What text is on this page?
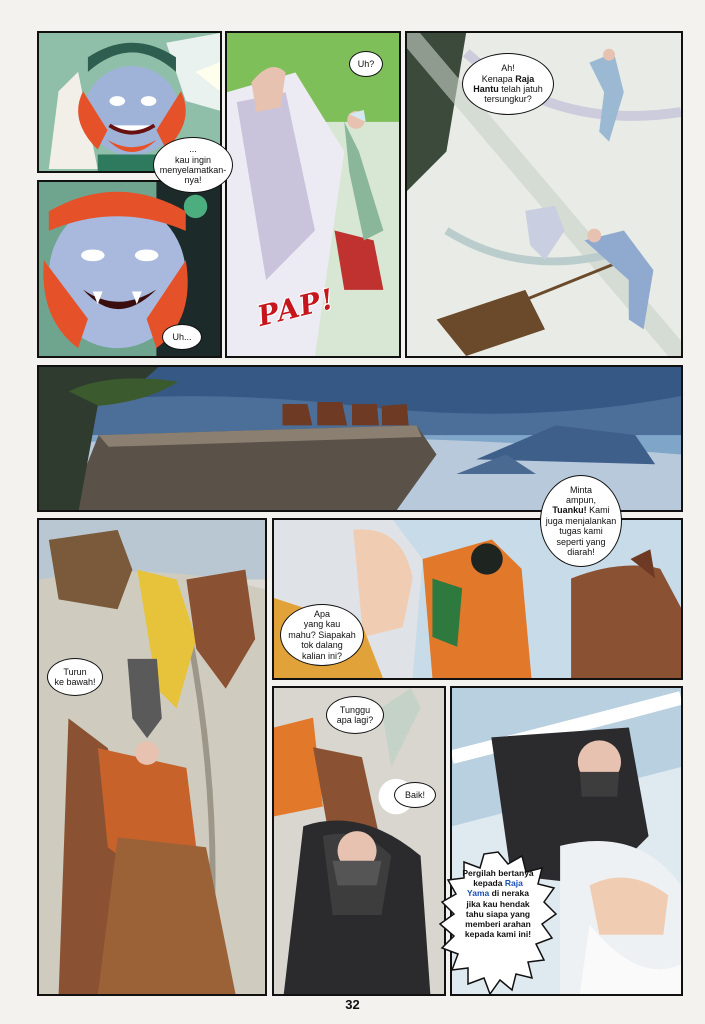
Uh?
PAP!
...
kau ingin
menyelamatkan-
nya!
Uh...
Ah!
Kenapa Raja
Hantu telah jatuh
tersungkur?
Apa
yang kau
mahu? Siapakah
tok dalang
kalian ini?
Minta
ampun,
Tuanku! Kami
juga menjalankan
tugas kami
seperti yang
diarah!
Turun
ke bawah!
Tunggu
apa lagi?
Baik!
Pergilah bertanya
kepada Raja
Yama di neraka
jika kau hendak
tahu siapa yang
memberi arahan
kepada kami ini!
32
